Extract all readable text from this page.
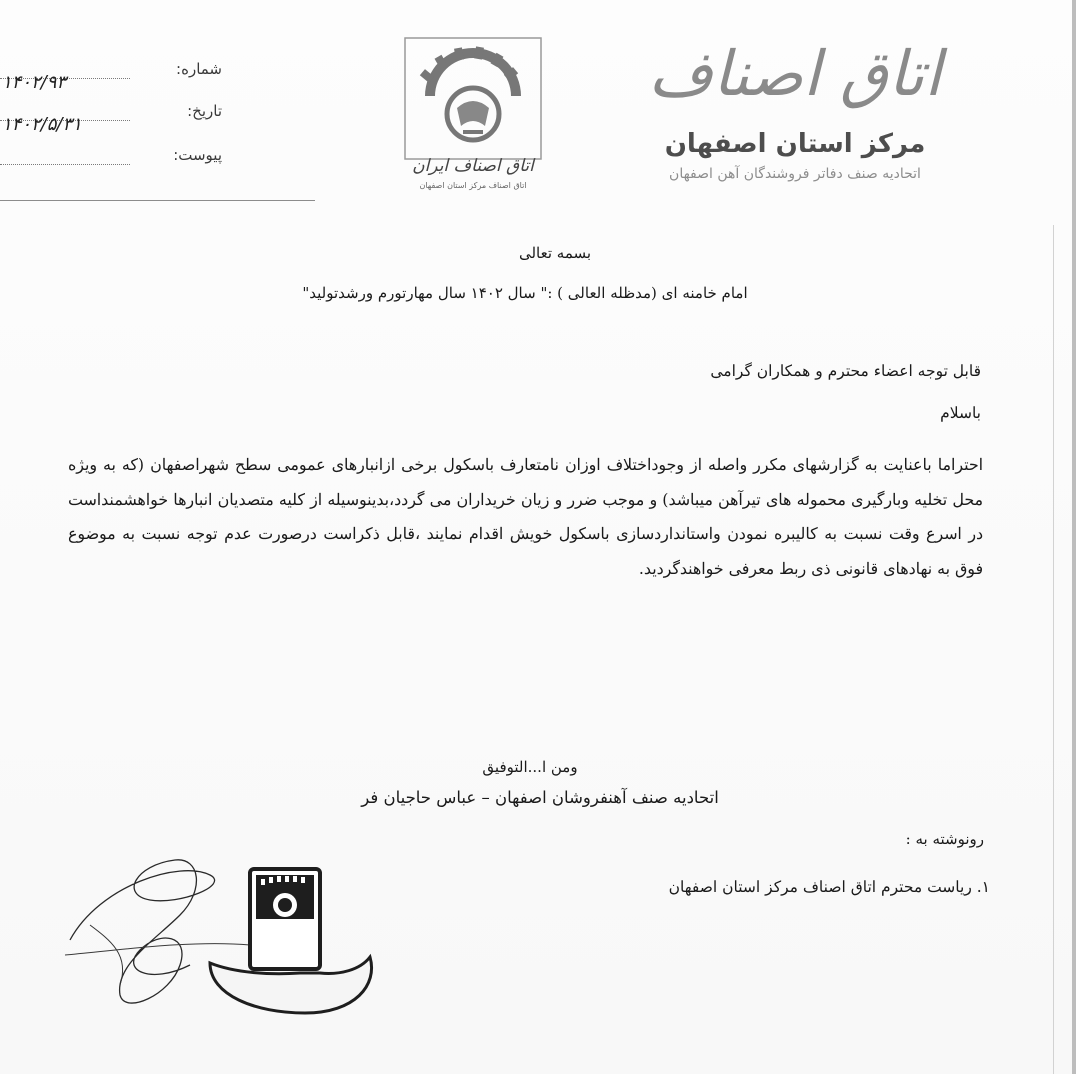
شماره:
۱۴۰۲/۹۳
تاریخ:
۱۴۰۲/۵/۳۱
پیوست:
اتاق اصناف ایران
اتاق اصناف مرکز استان اصفهان
اتاق اصناف
مرکز استان اصفهان
اتحادیه صنف دفاتر فروشندگان آهن اصفهان
بسمه تعالی
امام خامنه ای (مدظله العالی ) :" سال ۱۴۰۲ سال مهارتورم ورشدتولید"
قابل توجه اعضاء محترم و همکاران گرامی
باسلام
احتراما باعنایت به گزارشهای مکرر واصله از وجوداختلاف اوزان نامتعارف باسکول برخی ازانبارهای عمومی سطح شهراصفهان (که به ویژه محل تخلیه وبارگیری محموله های تیرآهن میباشد) و موجب ضرر و زیان خریداران می گردد،بدینوسیله از کلیه متصدیان انبارها خواهشمنداست در اسرع وقت نسبت به کالیبره نمودن واستانداردسازی باسکول خویش اقدام نمایند ،قابل ذکراست درصورت عدم توجه نسبت به موضوع فوق به نهادهای قانونی ذی ربط معرفی خواهندگردید.
ومن ا...التوفیق
اتحادیه صنف آهنفروشان اصفهان – عباس حاجیان فر
رونوشته به :
۱. ریاست محترم اتاق اصناف مرکز استان اصفهان
